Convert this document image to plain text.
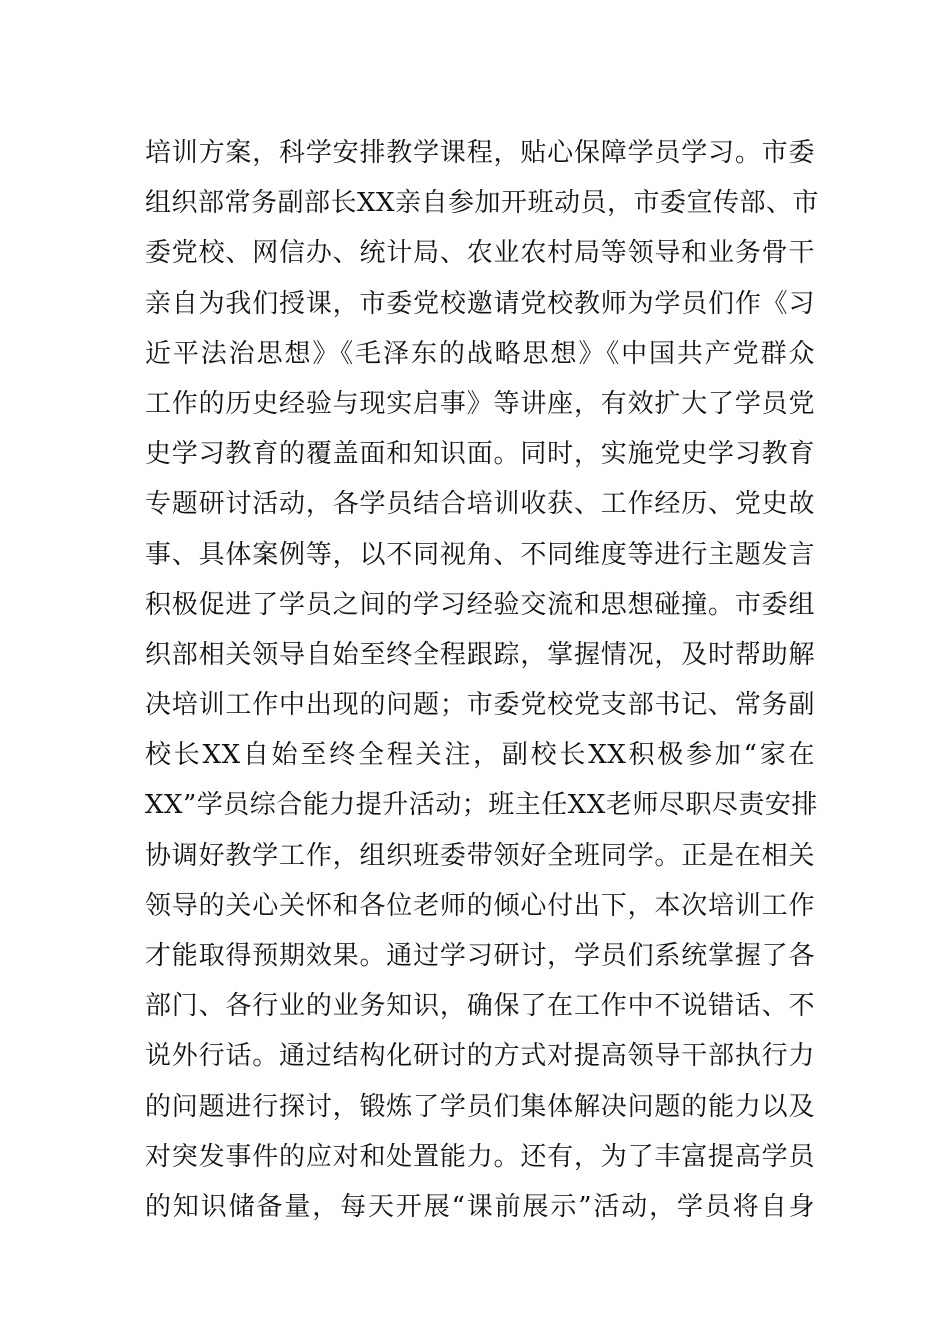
培训方案，科学安排教学课程，贴心保障学员学习。市委
组织部常务副部长XX亲自参加开班动员，市委宣传部、市
委党校、网信办、统计局、农业农村局等领导和业务骨干
亲自为我们授课，市委党校邀请党校教师为学员们作《习
近平法治思想》《毛泽东的战略思想》《中国共产党群众
工作的历史经验与现实启事》等讲座，有效扩大了学员党
史学习教育的覆盖面和知识面。同时，实施党史学习教育
专题研讨活动，各学员结合培训收获、工作经历、党史故
事、具体案例等，以不同视角、不同维度等进行主题发言
积极促进了学员之间的学习经验交流和思想碰撞。市委组
织部相关领导自始至终全程跟踪，掌握情况，及时帮助解
决培训工作中出现的问题；市委党校党支部书记、常务副
校长XX自始至终全程关注，副校长XX积极参加“家在
XX”学员综合能力提升活动；班主任XX老师尽职尽责安排
协调好教学工作，组织班委带领好全班同学。正是在相关
领导的关心关怀和各位老师的倾心付出下，本次培训工作
才能取得预期效果。通过学习研讨，学员们系统掌握了各
部门、各行业的业务知识，确保了在工作中不说错话、不
说外行话。通过结构化研讨的方式对提高领导干部执行力
的问题进行探讨，锻炼了学员们集体解决问题的能力以及
对突发事件的应对和处置能力。还有，为了丰富提高学员
的知识储备量，每天开展“课前展示”活动，学员将自身
